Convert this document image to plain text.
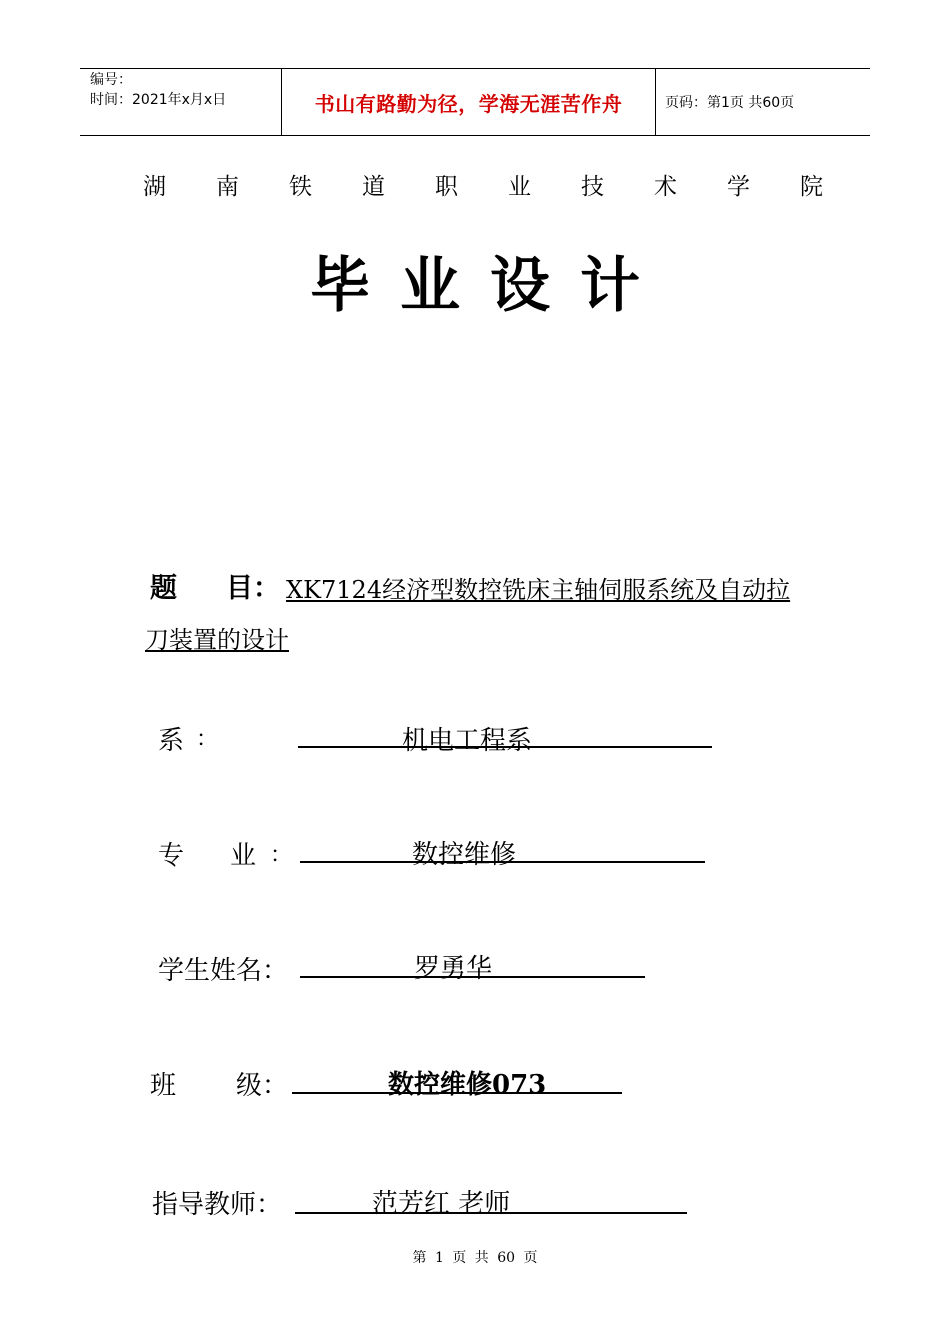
编号：
时间：2021年x月x日	书山有路勤为径，学海无涯苦作舟	页码：第1页 共60页
湖 南 铁 道 职 业 技 术 学 院
毕业设计
题 目： XK7124经济型数控铣床主轴伺服系统及自动拉
刀装置的设计
系 ：	机电工程系
专 业 ：	数控维修
学生姓名：	罗勇华
班 级：	数控维修073
指导教师：	范芳红 老师
第 1 页 共 60 页
